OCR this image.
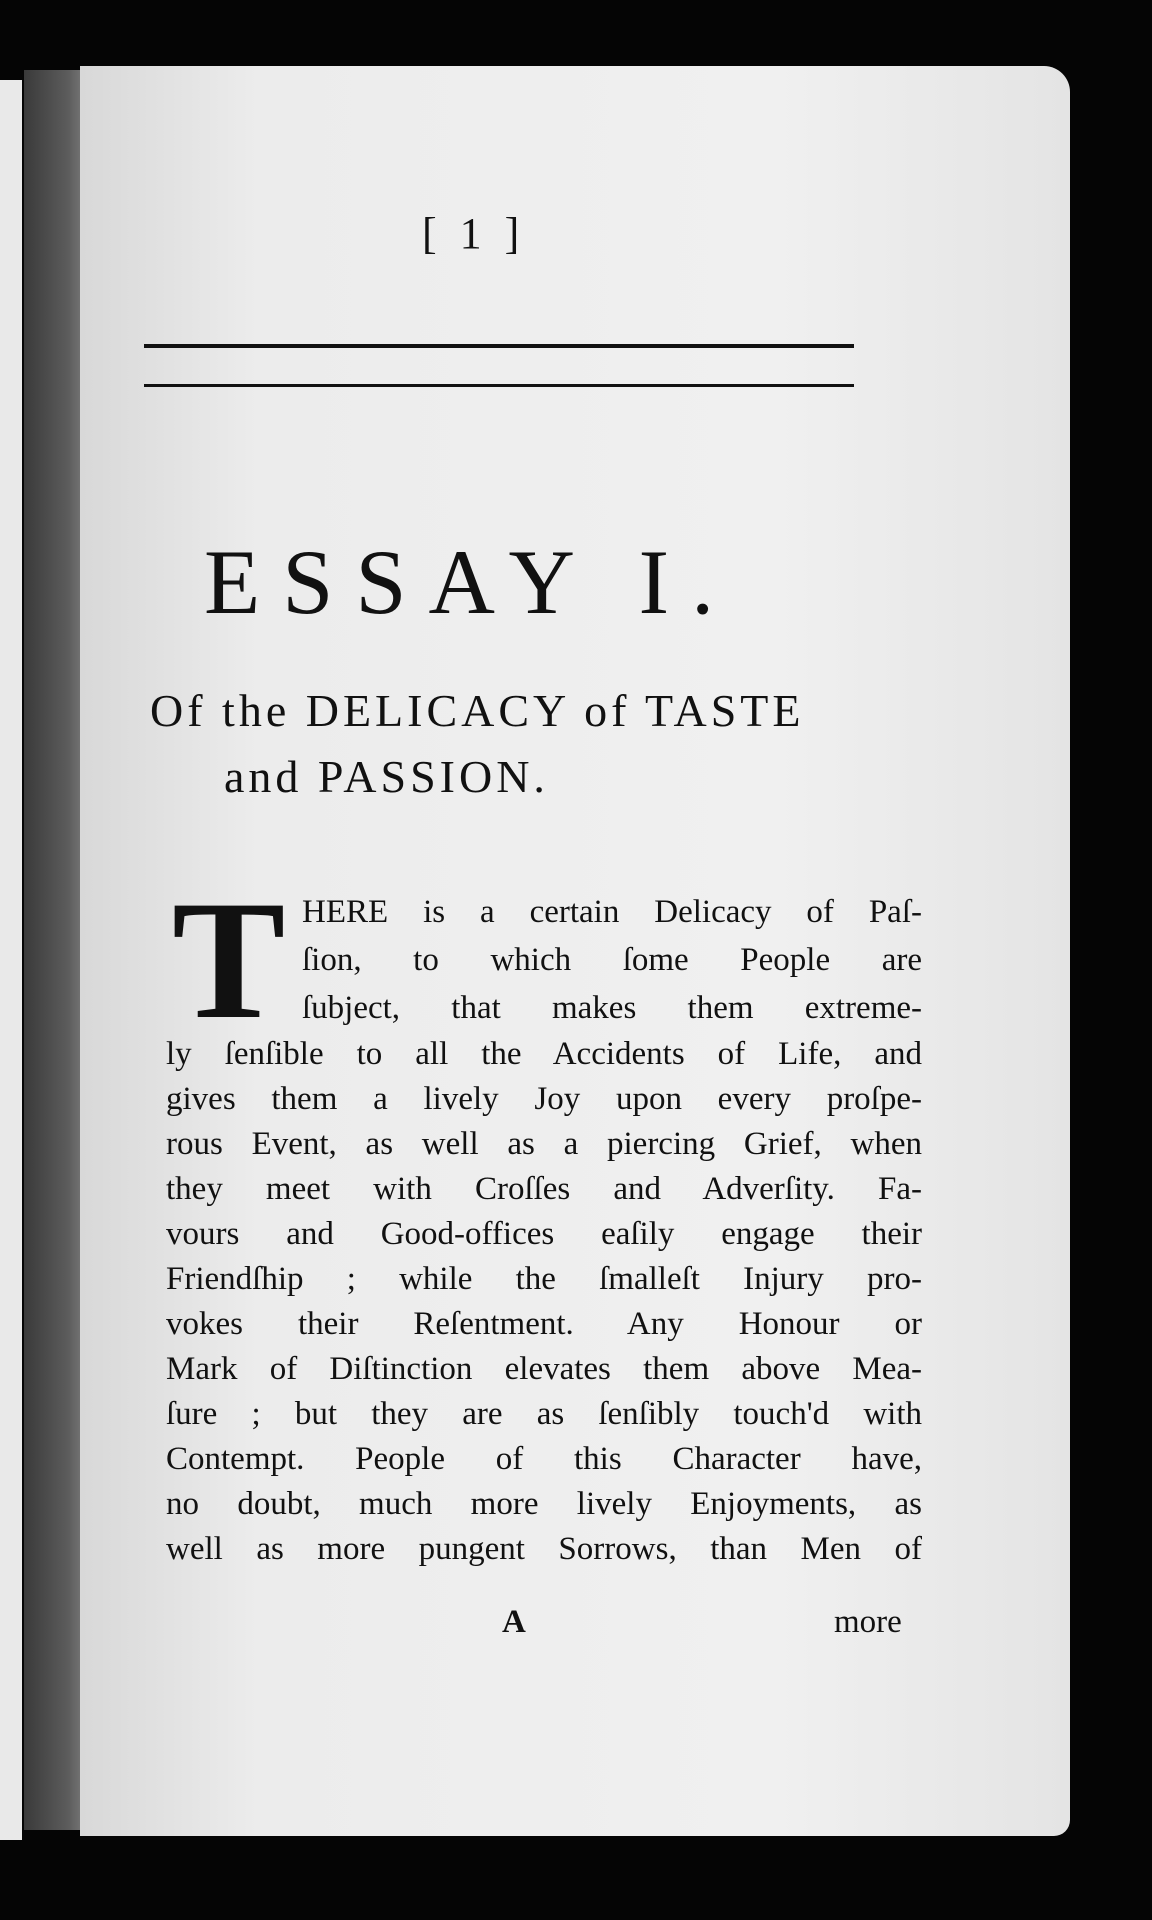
[ 1 ]
ESSAY I.
Of the DELICACY of TASTE
and PASSION.
T HERE is a certain Delicacy of Paſ-
ſion, to which ſome People are
ſubject, that makes them extreme-
ly ſenſible to all the Accidents of Life, and
gives them a lively Joy upon every proſpe-
rous Event, as well as a piercing Grief, when
they meet with Croſſes and Adverſity. Fa-
vours and Good-offices eaſily engage their
Friendſhip ; while the ſmalleſt Injury pro-
vokes their Reſentment. Any Honour or
Mark of Diſtinction elevates them above Mea-
ſure ; but they are as ſenſibly touch'd with
Contempt. People of this Character have,
no doubt, much more lively Enjoyments, as
well as more pungent Sorrows, than Men of
A	more
